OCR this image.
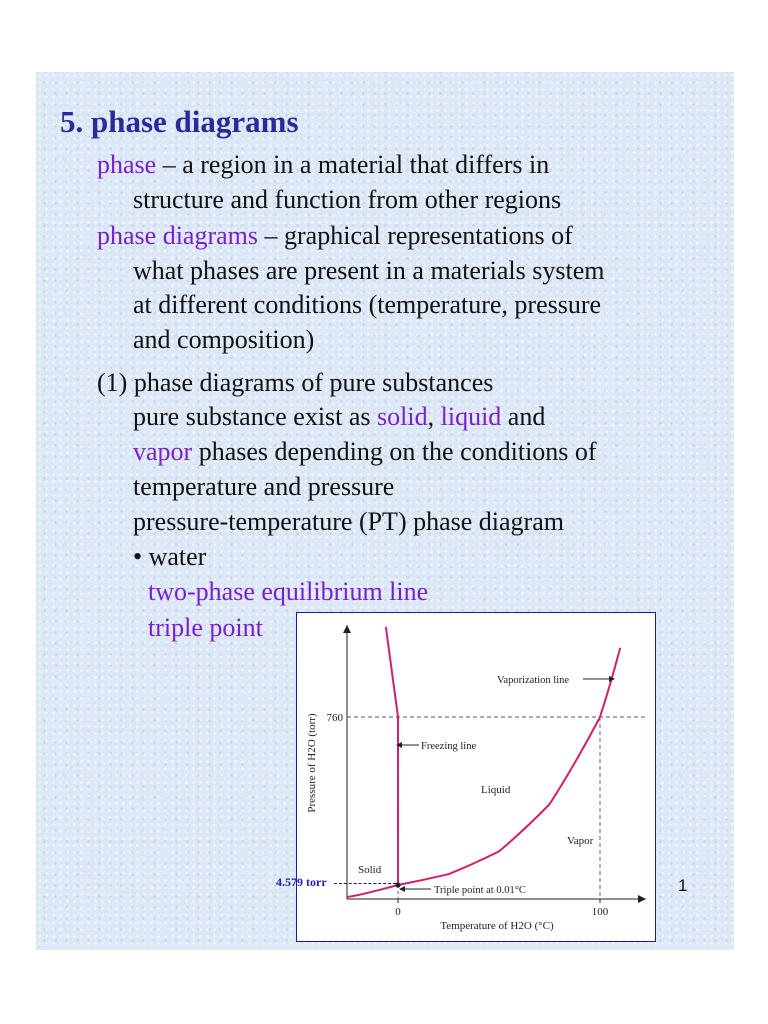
5. phase diagrams
phase – a region in a material that differs in
structure and function from other regions
phase diagrams – graphical representations of
what phases are present in a materials system
at different conditions (temperature, pressure
and composition)
(1) phase diagrams of pure substances
pure substance exist as solid, liquid and
vapor phases depending on the conditions of
temperature and pressure
pressure-temperature (PT) phase diagram
• water
two-phase equilibrium line
triple point
0	100
760
Temperature of H2O (°C)
Pressure of H2O (torr)	Liquid
Vapor
Solid
Vaporization line
Freezing line
Triple point at 0.01°C
4.579 torr	1
